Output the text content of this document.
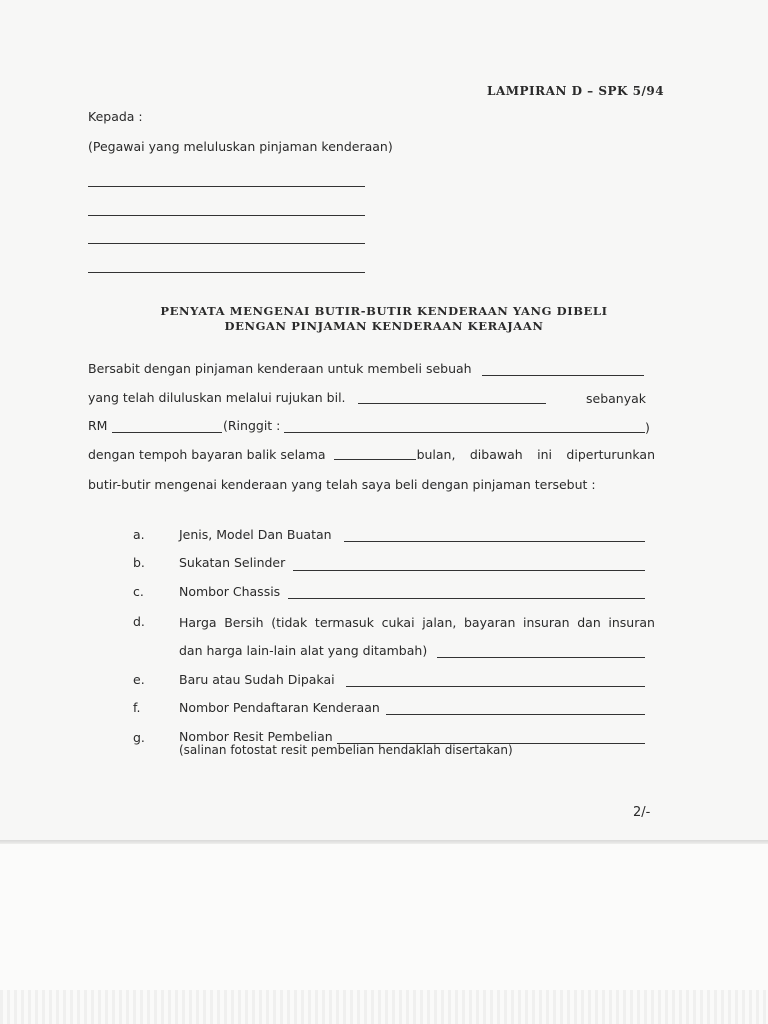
LAMPIRAN D – SPK 5/94
Kepada :
(Pegawai yang meluluskan pinjaman kenderaan)
PENYATA MENGENAI BUTIR-BUTIR KENDERAAN YANG DIBELI
DENGAN PINJAMAN KENDERAAN KERAJAAN
Bersabit dengan pinjaman kenderaan untuk membeli sebuah
yang telah diluluskan melalui rujukan bil.	sebanyak
RM	(Ringgit :	)
dengan tempoh bayaran balik selama	bulan, dibawah ini diperturunkan
butir-butir mengenai kenderaan yang telah saya beli dengan pinjaman tersebut :
a.	Jenis, Model Dan Buatan
b.	Sukatan Selinder
c.	Nombor Chassis
d.	Harga Bersih (tidak termasuk cukai jalan, bayaran insuran dan insuran
dan harga lain-lain alat yang ditambah)
e.	Baru atau Sudah Dipakai
f.	Nombor Pendaftaran Kenderaan
g.	Nombor Resit Pembelian
(salinan fotostat resit pembelian hendaklah disertakan)
2/-
